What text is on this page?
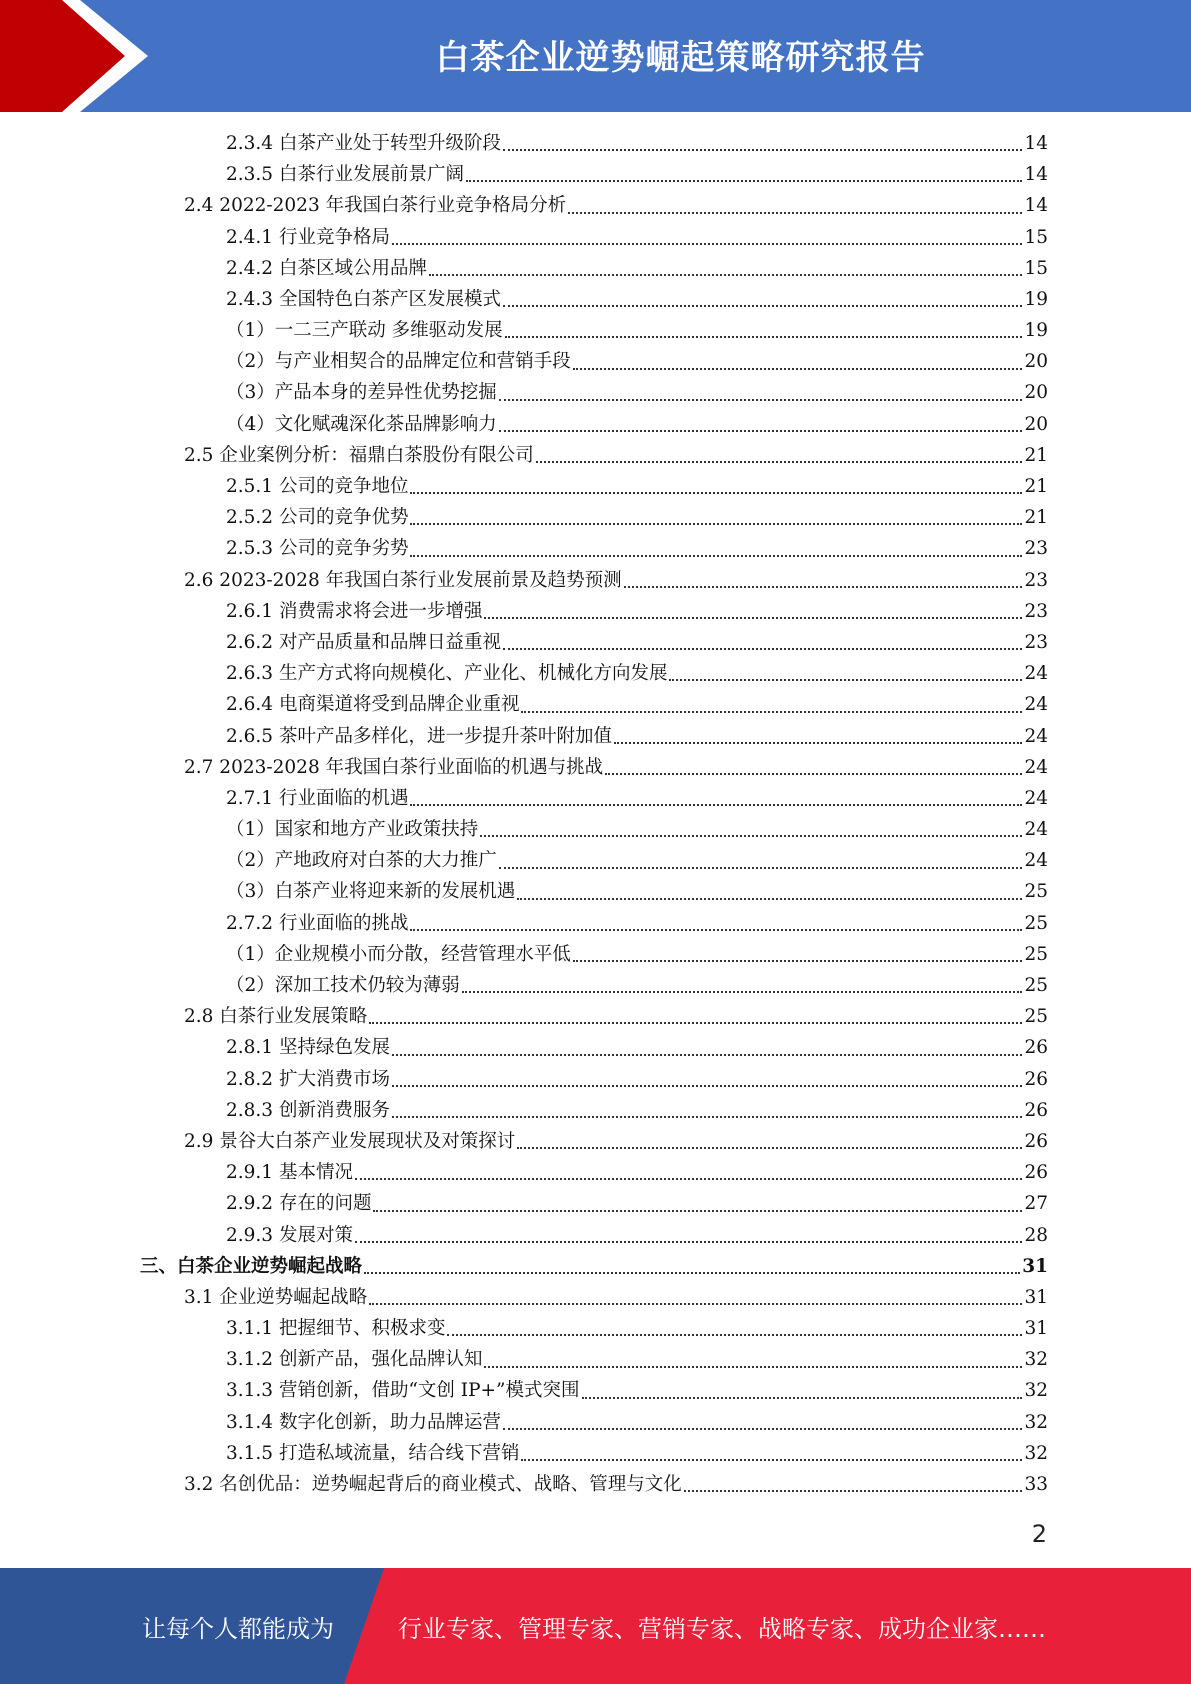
白茶企业逆势崛起策略研究报告
2.3.4 白茶产业处于转型升级阶段	14
2.3.5 白茶行业发展前景广阔	14
2.4 2022-2023 年我国白茶行业竞争格局分析	14
2.4.1 行业竞争格局	15
2.4.2 白茶区域公用品牌	15
2.4.3 全国特色白茶产区发展模式	19
（1）一二三产联动 多维驱动发展	19
（2）与产业相契合的品牌定位和营销手段	20
（3）产品本身的差异性优势挖掘	20
（4）文化赋魂深化茶品牌影响力	20
2.5 企业案例分析：福鼎白茶股份有限公司	21
2.5.1 公司的竞争地位	21
2.5.2 公司的竞争优势	21
2.5.3 公司的竞争劣势	23
2.6 2023-2028 年我国白茶行业发展前景及趋势预测	23
2.6.1 消费需求将会进一步增强	23
2.6.2 对产品质量和品牌日益重视	23
2.6.3 生产方式将向规模化、产业化、机械化方向发展	24
2.6.4 电商渠道将受到品牌企业重视	24
2.6.5 茶叶产品多样化，进一步提升茶叶附加值	24
2.7 2023-2028 年我国白茶行业面临的机遇与挑战	24
2.7.1 行业面临的机遇	24
（1）国家和地方产业政策扶持	24
（2）产地政府对白茶的大力推广	24
（3）白茶产业将迎来新的发展机遇	25
2.7.2 行业面临的挑战	25
（1）企业规模小而分散，经营管理水平低	25
（2）深加工技术仍较为薄弱	25
2.8 白茶行业发展策略	25
2.8.1 坚持绿色发展	26
2.8.2 扩大消费市场	26
2.8.3 创新消费服务	26
2.9 景谷大白茶产业发展现状及对策探讨	26
2.9.1 基本情况	26
2.9.2 存在的问题	27
2.9.3 发展对策	28
三、白茶企业逆势崛起战略	31
3.1 企业逆势崛起战略	31
3.1.1 把握细节、积极求变	31
3.1.2 创新产品，强化品牌认知	32
3.1.3 营销创新，借助“文创 IP+”模式突围	32
3.1.4 数字化创新，助力品牌运营	32
3.1.5 打造私域流量，结合线下营销	32
3.2 名创优品：逆势崛起背后的商业模式、战略、管理与文化	33
2
让每个人都能成为	行业专家、管理专家、营销专家、战略专家、成功企业家……
